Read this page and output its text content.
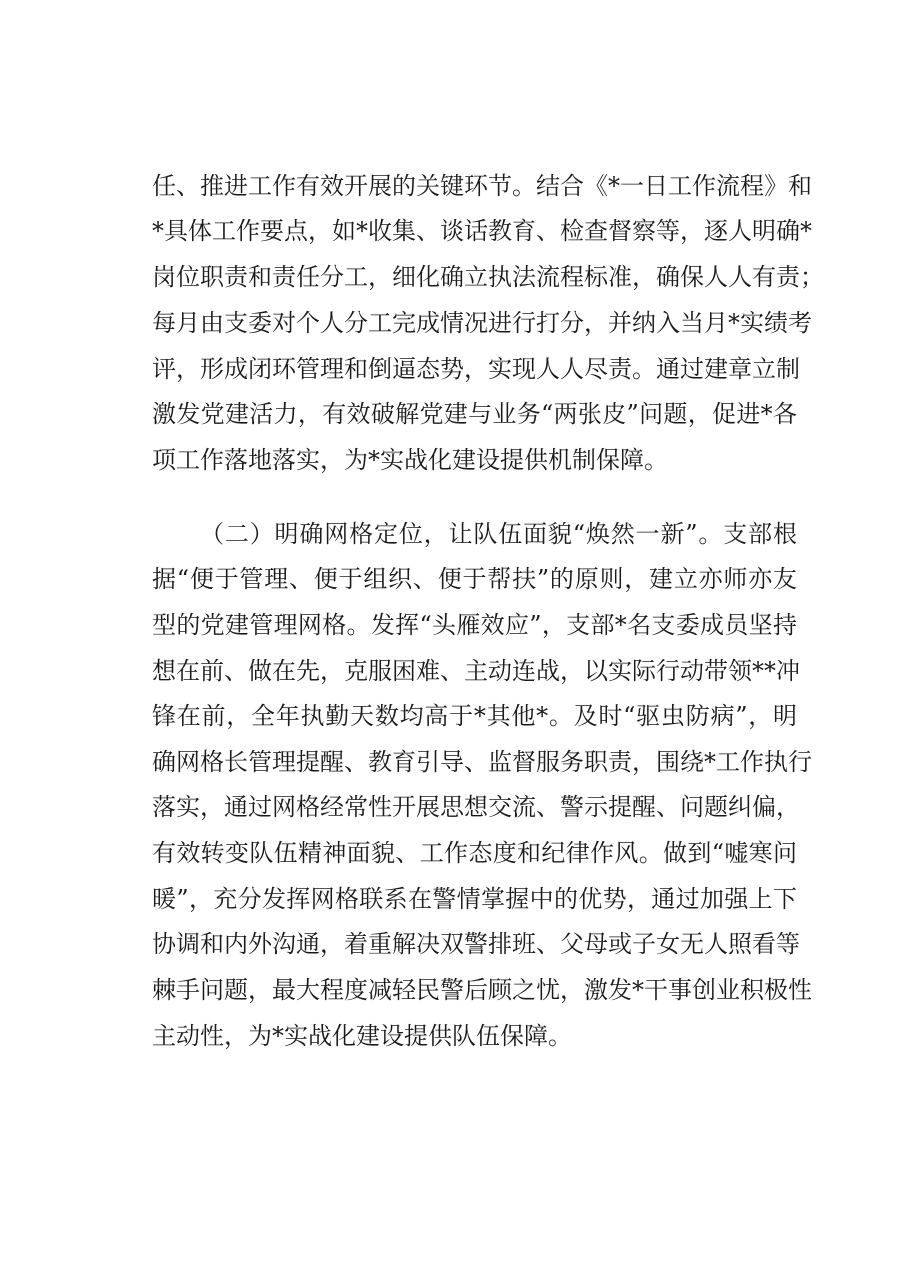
任、推进工作有效开展的关键环节。结合《*一日工作流程》和
*具体工作要点，如*收集、谈话教育、检查督察等，逐人明确*
岗位职责和责任分工，细化确立执法流程标准，确保人人有责；
每月由支委对个人分工完成情况进行打分，并纳入当月*实绩考
评，形成闭环管理和倒逼态势，实现人人尽责。通过建章立制
激发党建活力，有效破解党建与业务“两张皮”问题，促进*各
项工作落地落实，为*实战化建设提供机制保障。
（二）明确网格定位，让队伍面貌“焕然一新”。支部根
据“便于管理、便于组织、便于帮扶”的原则，建立亦师亦友
型的党建管理网格。发挥“头雁效应”，支部*名支委成员坚持
想在前、做在先，克服困难、主动连战，以实际行动带领**冲
锋在前，全年执勤天数均高于*其他*。及时“驱虫防病”，明
确网格长管理提醒、教育引导、监督服务职责，围绕*工作执行
落实，通过网格经常性开展思想交流、警示提醒、问题纠偏，
有效转变队伍精神面貌、工作态度和纪律作风。做到“嘘寒问
暖”，充分发挥网格联系在警情掌握中的优势，通过加强上下
协调和内外沟通，着重解决双警排班、父母或子女无人照看等
棘手问题，最大程度减轻民警后顾之忧，激发*干事创业积极性
主动性，为*实战化建设提供队伍保障。
